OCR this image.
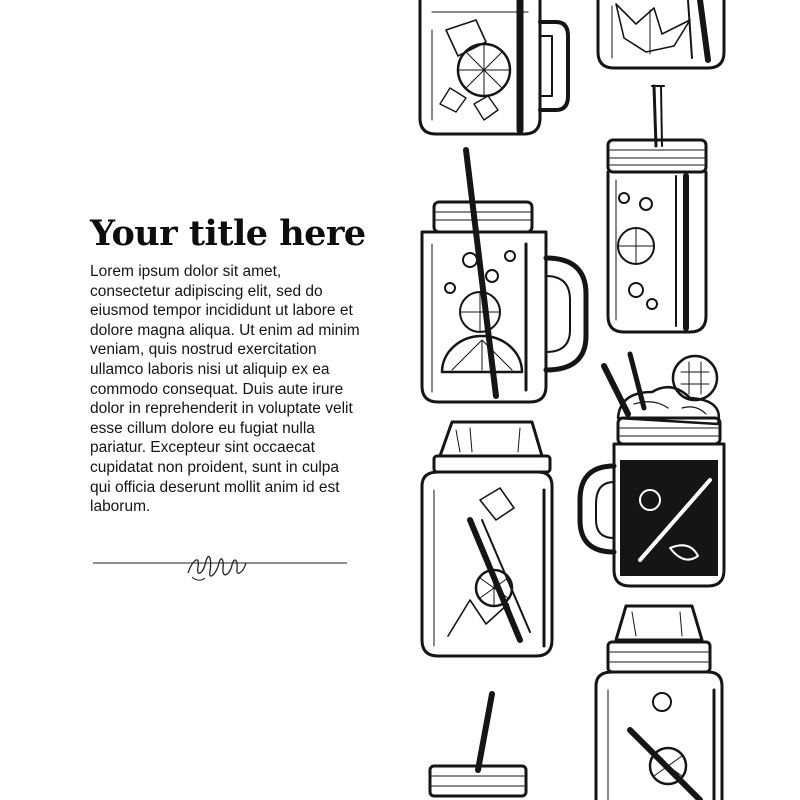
Your title here

Lorem ipsum dolor sit amet, consectetur adipiscing elit, sed do eiusmod tempor incididunt ut labore et dolore magna aliqua. Ut enim ad minim veniam, quis nostrud exercitation ullamco laboris nisi ut aliquip ex ea commodo consequat. Duis aute irure dolor in reprehenderit in voluptate velit esse cillum dolore eu fugiat nulla pariatur. Excepteur sint occaecat cupidatat non proident, sunt in culpa qui officia deserunt mollit anim id est laborum.
